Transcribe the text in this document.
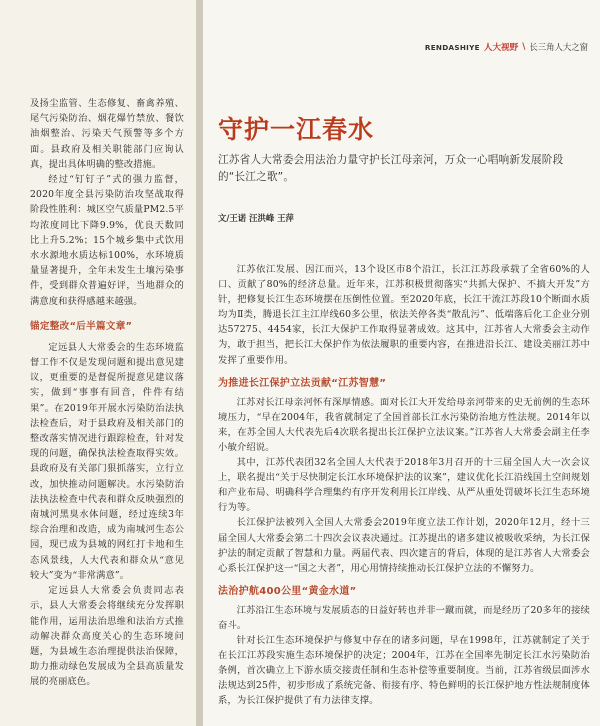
及扬尘监管、生态修复、畜禽养殖、尾气污染防治、烟花爆竹禁放、餐饮油烟整治、污染天气预警等多个方面。县政府及相关职能部门应询认真，提出具体明确的整改措施。

经过“钉钉子”式的强力监督，2020年度全县污染防治攻坚战取得阶段性胜利：城区空气质量PM2.5平均浓度同比下降9.9%，优良天数同比上升5.2%；15个城乡集中式饮用水水源地水质达标100%，水环境质量显著提升，全年未发生土壤污染事件，受到群众普遍好评，当地群众的满意度和获得感越来越强。

锚定整改“后半篇文章”

定远县人大常委会的生态环境监督工作不仅是发现问题和提出意见建议，更重要的是督促所提意见建议落实，做到“事事有回音，件件有结果”。在2019年开展水污染防治法执法检查后，对于县政府及相关部门的整改落实情况进行跟踪检查，针对发现的问题，确保执法检查取得实效。县政府及有关部门狠抓落实，立行立改，加快推动问题解决。水污染防治法执法检查中代表和群众反映强烈的南城河黑臭水体问题，经过连续3年综合治理和改造，成为南城河生态公园，现已成为县城的网红打卡地和生态风景线，人大代表和群众从“意见较大”变为“非常满意”。

定远县人大常委会负责同志表示，县人大常委会将继续充分发挥职能作用，运用法治思维和法治方式推动解决群众高度关心的生态环境问题，为县域生态治理提供法治保障，助力推动绿色发展成为全县高质量发展的亮丽底色。

RENDASHIYE 人大视野 \ 长三角人大之窗
守护一江春水

江苏省人大常委会用法治力量守护长江母亲河，万众一心唱响新发展阶段的“长江之歌”。

文/王诺 汪洪峰 王萍

江苏依江发展、因江而兴，13个设区市8个沿江，长江江苏段承载了全省60%的人口、贡献了80%的经济总量。近年来，江苏积极贯彻落实“共抓大保护、不搞大开发”方针，把修复长江生态环境摆在压倒性位置。至2020年底，长江干流江苏段10个断面水质均为Ⅱ类，腾退长江主江岸线60多公里，依法关停各类“散乱污”、低端落后化工企业分别达57275、4454家，长江大保护工作取得显著成效。这其中，江苏省人大常委会主动作为，敢于担当，把长江大保护作为依法履职的重要内容，在推进沿长江、建设美丽江苏中发挥了重要作用。

为推进长江保护立法贡献“江苏智慧”

江苏对长江母亲河怀有深厚情感。面对长江大开发给母亲河带来的史无前例的生态环境压力，“早在2004年，我省就制定了全国首部长江水污染防治地方性法规。2014年以来，在苏全国人大代表先后4次联名提出长江保护立法议案。”江苏省人大常委会副主任李小敏介绍说。

其中，江苏代表团32名全国人大代表于2018年3月召开的十三届全国人大一次会议上，联名提出“关于尽快制定长江水环境保护法的议案”，建议优化长江沿线国土空间规划和产业布局、明确科学合理集约有序开发利用长江岸线、从严从重处罚破坏长江生态环境行为等。

长江保护法被列入全国人大常委会2019年度立法工作计划，2020年12月，经十三届全国人大常委会第二十四次会议表决通过。江苏提出的诸多建议被吸收采纳，为长江保护法的制定贡献了智慧和力量。两届代表、四次建言的背后，体现的是江苏省人大常委会心系长江保护这一“国之大者”，用心用情持续推动长江保护立法的不懈努力。

法治护航400公里“黄金水道”

江苏沿江生态环境与发展质态的日益好转也并非一蹴而就，而是经历了20多年的接续奋斗。

针对长江生态环境保护与修复中存在的诸多问题，早在1998年，江苏就制定了关于在长江江苏段实施生态环境保护的决定；2004年，江苏在全国率先制定长江水污染防治条例，首次确立上下游水质交接责任制和生态补偿等重要制度。当前，江苏省级层面涉水法规达到25件，初步形成了系统完备、衔接有序、特色鲜明的长江保护地方性法规制度体系，为长江保护提供了有力法律支撑。
